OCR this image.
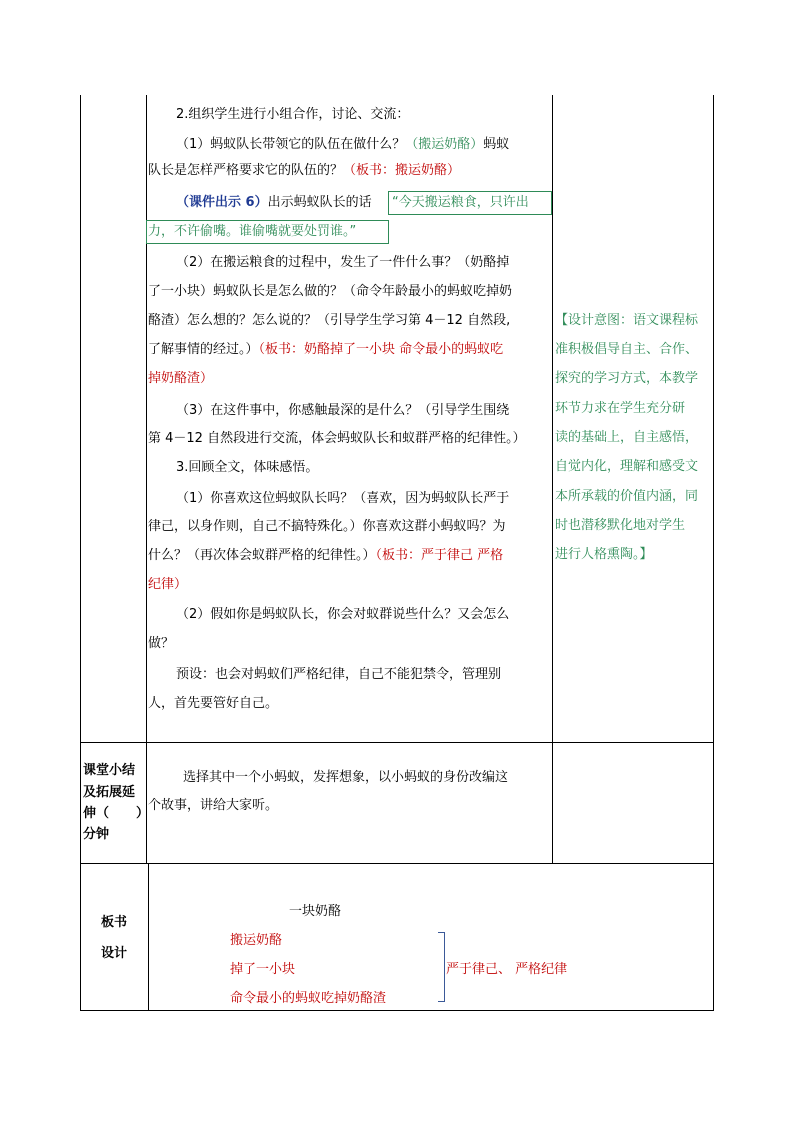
2.组织学生进行小组合作，讨论、交流：
（1）蚂蚁队长带领它的队伍在做什么？（搬运奶酪）蚂蚁
队长是怎样严格要求它的队伍的？（板书：搬运奶酪）
（课件出示 6）出示蚂蚁队长的话 “今天搬运粮食，只许出
力，不许偷嘴。谁偷嘴就要处罚谁。”
（2）在搬运粮食的过程中，发生了一件什么事？（奶酪掉
了一小块）蚂蚁队长是怎么做的？（命令年龄最小的蚂蚁吃掉奶
酪渣）怎么想的？怎么说的？（引导学生学习第 4－12 自然段,
了解事情的经过。）（板书：奶酪掉了一小块 命令最小的蚂蚁吃
掉奶酪渣）
（3）在这件事中，你感触最深的是什么？（引导学生围绕
第 4－12 自然段进行交流，体会蚂蚁队长和蚁群严格的纪律性。）
3.回顾全文，体味感悟。
（1）你喜欢这位蚂蚁队长吗？（喜欢，因为蚂蚁队长严于
律己，以身作则，自己不搞特殊化。）你喜欢这群小蚂蚁吗？为
什么？（再次体会蚁群严格的纪律性。）（板书：严于律己 严格
纪律）
（2）假如你是蚂蚁队长，你会对蚁群说些什么？又会怎么
做？
预设：也会对蚂蚁们严格纪律，自己不能犯禁令，管理别
人，首先要管好自己。
【设计意图：语文课程标
准积极倡导自主、合作、
探究的学习方式，本教学
环节力求在学生充分研
读的基础上，自主感悟，
自觉内化，理解和感受文
本所承载的价值内涵，同
时也潜移默化地对学生
进行人格熏陶。】
课堂小结
及拓展延
伸（ ）
分钟
选择其中一个小蚂蚁，发挥想象，以小蚂蚁的身份改编这
个故事，讲给大家听。
板书
设计
一块奶酪
搬运奶酪
掉了一小块
命令最小的蚂蚁吃掉奶酪渣
严于律己、 严格纪律
